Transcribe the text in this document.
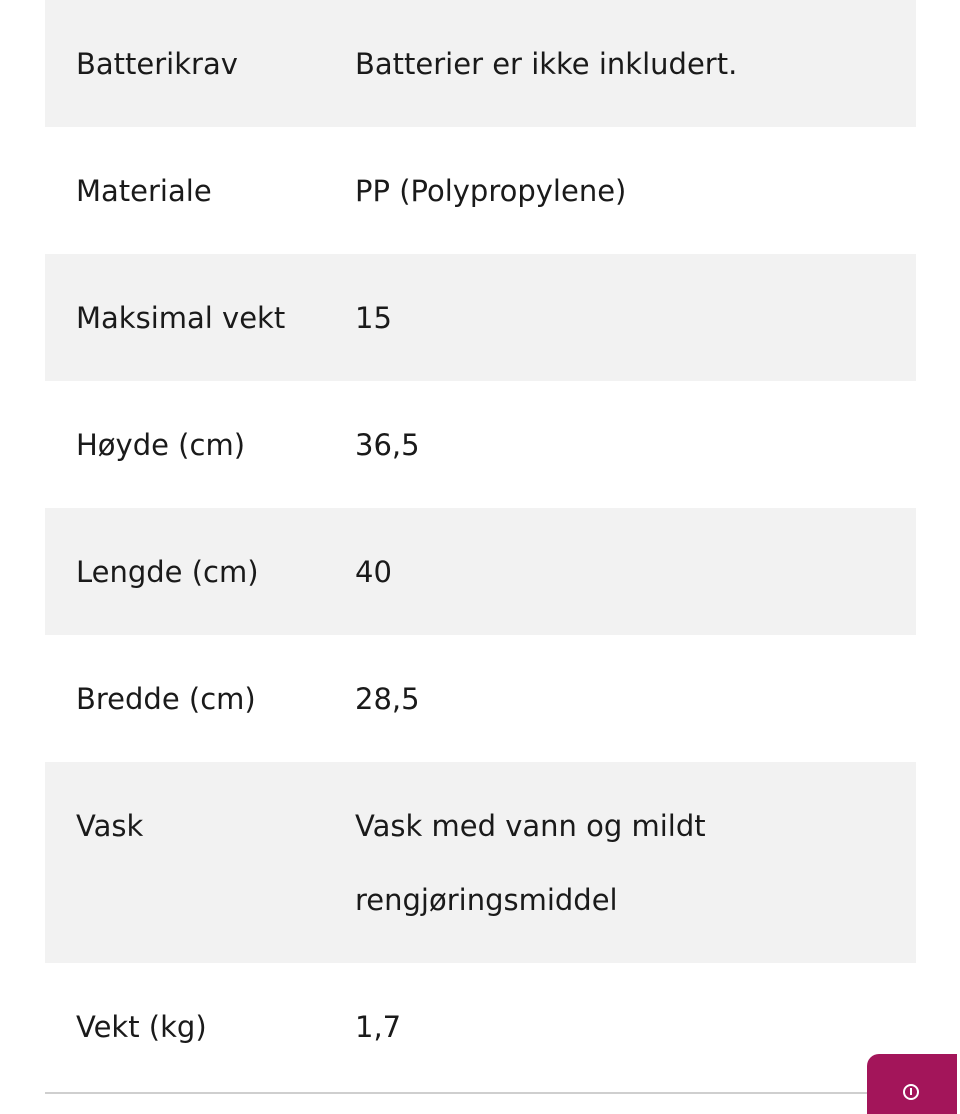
Batterikrav	Batterier er ikke inkludert.
Materiale	PP (Polypropylene)
Maksimal vekt	15
Høyde (cm)	36,5
Lengde (cm)	40
Bredde (cm)	28,5
Vask	Vask med vann og mildt rengjøringsmiddel
Vekt (kg)	1,7
